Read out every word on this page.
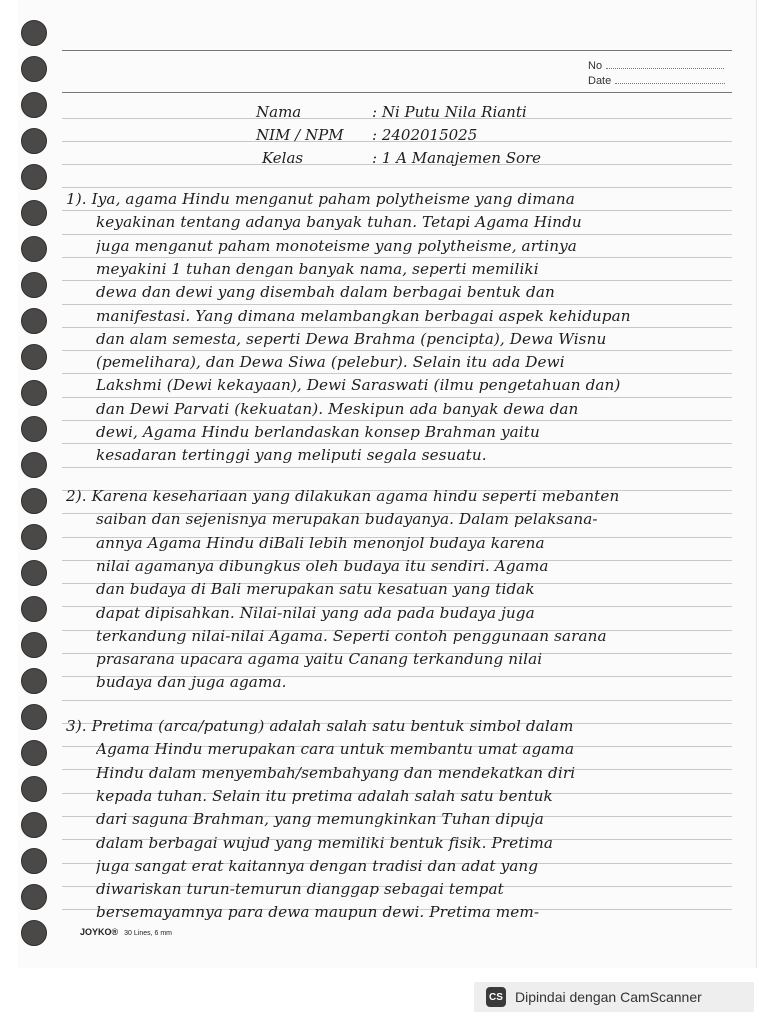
No
Date
Nama	: Ni Putu Nila Rianti
NIM / NPM : 2402015025
Kelas	: 1 A Manajemen Sore
1). Iya, agama Hindu menganut paham polytheisme yang dimana
keyakinan tentang adanya banyak tuhan. Tetapi Agama Hindu
juga menganut paham monoteisme yang polytheisme, artinya
meyakini 1 tuhan dengan banyak nama, seperti memiliki
dewa dan dewi yang disembah dalam berbagai bentuk dan
manifestasi. Yang dimana melambangkan berbagai aspek kehidupan
dan alam semesta, seperti Dewa Brahma (pencipta), Dewa Wisnu
(pemelihara), dan Dewa Siwa (pelebur). Selain itu ada Dewi
Lakshmi (Dewi kekayaan), Dewi Saraswati (ilmu pengetahuan dan)
dan Dewi Parvati (kekuatan). Meskipun ada banyak dewa dan
dewi, Agama Hindu berlandaskan konsep Brahman yaitu
kesadaran tertinggi yang meliputi segala sesuatu.
2). Karena kesehariaan yang dilakukan agama hindu seperti mebanten
saiban dan sejenisnya merupakan budayanya. Dalam pelaksana-
annya Agama Hindu diBali lebih menonjol budaya karena
nilai agamanya dibungkus oleh budaya itu sendiri. Agama
dan budaya di Bali merupakan satu kesatuan yang tidak
dapat dipisahkan. Nilai-nilai yang ada pada budaya juga
terkandung nilai-nilai Agama. Seperti contoh penggunaan sarana
prasarana upacara agama yaitu Canang terkandung nilai
budaya dan juga agama.
3). Pretima (arca/patung) adalah salah satu bentuk simbol dalam
Agama Hindu merupakan cara untuk membantu umat agama
Hindu dalam menyembah/sembahyang dan mendekatkan diri
kepada tuhan. Selain itu pretima adalah salah satu bentuk
dari saguna Brahman, yang memungkinkan Tuhan dipuja
dalam berbagai wujud yang memiliki bentuk fisik. Pretima
juga sangat erat kaitannya dengan tradisi dan adat yang
diwariskan turun-temurun dianggap sebagai tempat
bersemayamnya para dewa maupun dewi. Pretima mem-
JOYKO® 30 Lines, 6 mm
CS Dipindai dengan CamScanner
